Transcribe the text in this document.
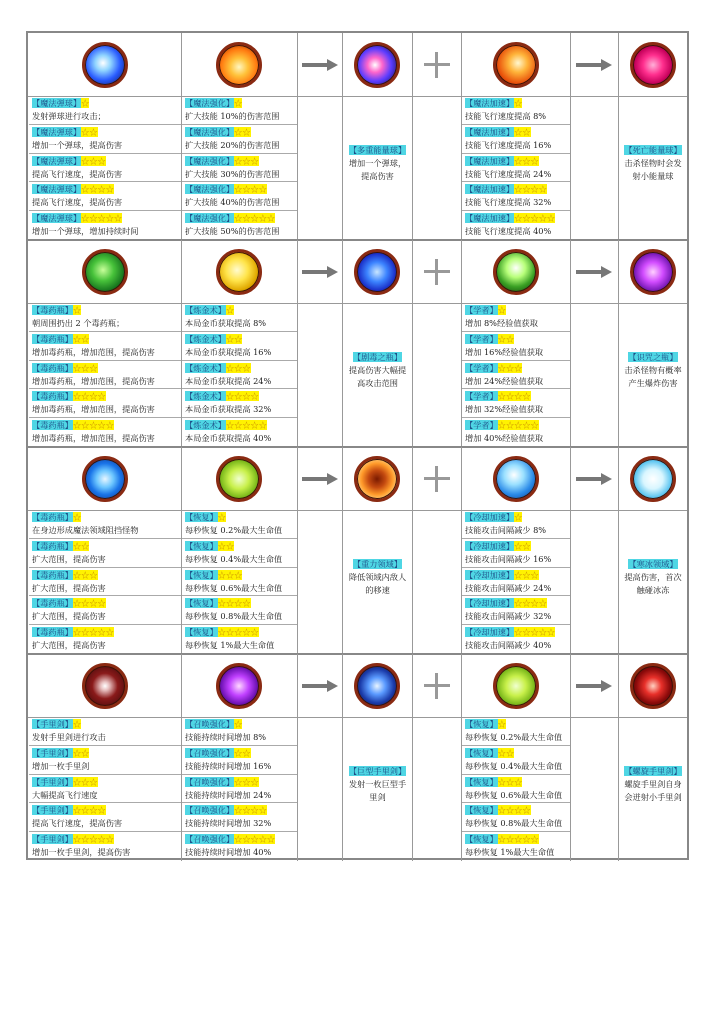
【魔法弹球】☆
发射弹球进行攻击；
【魔法弹球】☆☆
增加一个弹球，提高伤害
【魔法弹球】☆☆☆
提高飞行速度，提高伤害
【魔法弹球】☆☆☆☆
提高飞行速度，提高伤害
【魔法弹球】☆☆☆☆☆
增加一个弹球，增加持续时间
【魔法强化】☆
扩大技能 10%的伤害范围
【魔法强化】☆☆
扩大技能 20%的伤害范围
【魔法强化】☆☆☆
扩大技能 30%的伤害范围
【魔法强化】☆☆☆☆
扩大技能 40%的伤害范围
【魔法强化】☆☆☆☆☆
扩大技能 50%的伤害范围
【魔法加速】☆
技能飞行速度提高 8%
【魔法加速】☆☆
技能飞行速度提高 16%
【魔法加速】☆☆☆
技能飞行速度提高 24%
【魔法加速】☆☆☆☆
技能飞行速度提高 32%
【魔法加速】☆☆☆☆☆
技能飞行速度提高 40%
【多重能量球】
增加一个弹球，提高伤害
【死亡能量球】
击杀怪物时会发射小能量球
【毒药瓶】☆
朝周围扔出 2 个毒药瓶；
【毒药瓶】☆☆
增加毒药瓶，增加范围，提高伤害
【毒药瓶】☆☆☆
增加毒药瓶，增加范围，提高伤害
【毒药瓶】☆☆☆☆
增加毒药瓶，增加范围，提高伤害
【毒药瓶】☆☆☆☆☆
增加毒药瓶，增加范围，提高伤害
【炼金术】☆
本局金币获取提高 8%
【炼金术】☆☆
本局金币获取提高 16%
【炼金术】☆☆☆
本局金币获取提高 24%
【炼金术】☆☆☆☆
本局金币获取提高 32%
【炼金术】☆☆☆☆☆
本局金币获取提高 40%
【学者】☆
增加 8%经验值获取
【学者】☆☆
增加 16%经验值获取
【学者】☆☆☆
增加 24%经验值获取
【学者】☆☆☆☆
增加 32%经验值获取
【学者】☆☆☆☆☆
增加 40%经验值获取
【剧毒之瓶】
提高伤害大幅提高攻击范围
【识咒之瓶】
击杀怪物有概率产生爆炸伤害
【毒药瓶】☆
在身边形成魔法领域阻挡怪物
【毒药瓶】☆☆
扩大范围，提高伤害
【毒药瓶】☆☆☆
扩大范围，提高伤害
【毒药瓶】☆☆☆☆
扩大范围，提高伤害
【毒药瓶】☆☆☆☆☆
扩大范围，提高伤害
【恢复】☆
每秒恢复 0.2%最大生命值
【恢复】☆☆
每秒恢复 0.4%最大生命值
【恢复】☆☆☆
每秒恢复 0.6%最大生命值
【恢复】☆☆☆☆
每秒恢复 0.8%最大生命值
【恢复】☆☆☆☆☆
每秒恢复 1%最大生命值
【冷却加速】☆
技能攻击间隔减少 8%
【冷却加速】☆☆
技能攻击间隔减少 16%
【冷却加速】☆☆☆
技能攻击间隔减少 24%
【冷却加速】☆☆☆☆
技能攻击间隔减少 32%
【冷却加速】☆☆☆☆☆
技能攻击间隔减少 40%
【重力领域】
降低领域内敌人的移速
【寒冰领域】
提高伤害，首次触碰冰冻
【手里剑】☆
发射手里剑进行攻击
【手里剑】☆☆
增加一枚手里剑
【手里剑】☆☆☆
大幅提高飞行速度
【手里剑】☆☆☆☆
提高飞行速度，提高伤害
【手里剑】☆☆☆☆☆
增加一枚手里剑，提高伤害
【召唤强化】☆
技能持续时间增加 8%
【召唤强化】☆☆
技能持续时间增加 16%
【召唤强化】☆☆☆
技能持续时间增加 24%
【召唤强化】☆☆☆☆
技能持续时间增加 32%
【召唤强化】☆☆☆☆☆
技能持续时间增加 40%
【恢复】☆
每秒恢复 0.2%最大生命值
【恢复】☆☆
每秒恢复 0.4%最大生命值
【恢复】☆☆☆
每秒恢复 0.6%最大生命值
【恢复】☆☆☆☆
每秒恢复 0.8%最大生命值
【恢复】☆☆☆☆☆
每秒恢复 1%最大生命值
【巨型手里剑】
发射一枚巨型手里剑
【螺旋手里剑】
螺旋手里剑自身会迸射小手里剑
